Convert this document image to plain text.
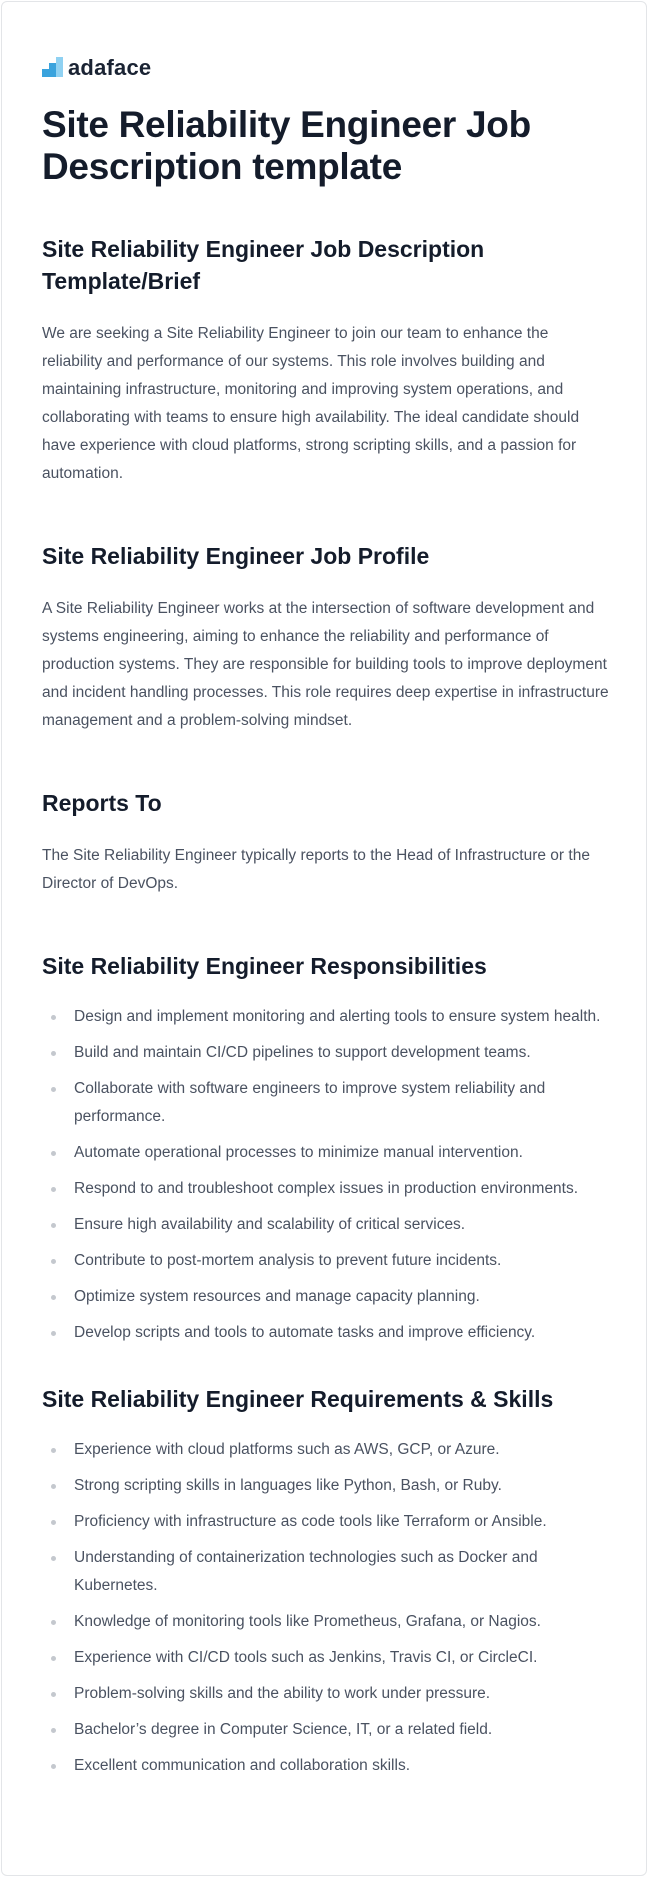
adaface
Site Reliability Engineer Job Description template
Site Reliability Engineer Job Description Template/Brief

We are seeking a Site Reliability Engineer to join our team to enhance the reliability and performance of our systems. This role involves building and maintaining infrastructure, monitoring and improving system operations, and collaborating with teams to ensure high availability. The ideal candidate should have experience with cloud platforms, strong scripting skills, and a passion for automation.

Site Reliability Engineer Job Profile

A Site Reliability Engineer works at the intersection of software development and systems engineering, aiming to enhance the reliability and performance of production systems. They are responsible for building tools to improve deployment and incident handling processes. This role requires deep expertise in infrastructure management and a problem-solving mindset.

Reports To

The Site Reliability Engineer typically reports to the Head of Infrastructure or the Director of DevOps.

Site Reliability Engineer Responsibilities
Design and implement monitoring and alerting tools to ensure system health.
Build and maintain CI/CD pipelines to support development teams.
Collaborate with software engineers to improve system reliability and performance.
Automate operational processes to minimize manual intervention.
Respond to and troubleshoot complex issues in production environments.
Ensure high availability and scalability of critical services.
Contribute to post-mortem analysis to prevent future incidents.
Optimize system resources and manage capacity planning.
Develop scripts and tools to automate tasks and improve efficiency.
Site Reliability Engineer Requirements & Skills
Experience with cloud platforms such as AWS, GCP, or Azure.
Strong scripting skills in languages like Python, Bash, or Ruby.
Proficiency with infrastructure as code tools like Terraform or Ansible.
Understanding of containerization technologies such as Docker and Kubernetes.
Knowledge of monitoring tools like Prometheus, Grafana, or Nagios.
Experience with CI/CD tools such as Jenkins, Travis CI, or CircleCI.
Problem-solving skills and the ability to work under pressure.
Bachelor’s degree in Computer Science, IT, or a related field.
Excellent communication and collaboration skills.
